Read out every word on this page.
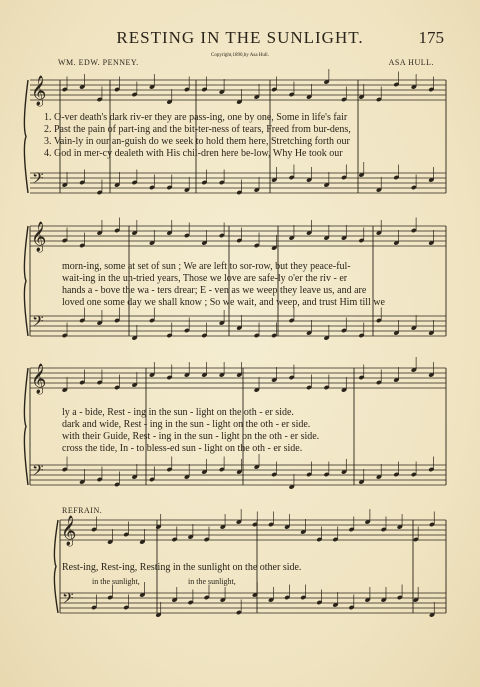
RESTING IN THE SUNLIGHT.	175
Copyright,1890,by Asa Hull.
WM. EDW. PENNEY.	ASA HULL.
𝄞
𝄢
𝄞
𝄢
𝄞
𝄢
𝄞
𝄢
1. O-ver death's dark riv-er they are pass-ing, one by one, Some in life's fair
2. Past the pain of part-ing and the bit-ter-ness of tears, Freed from bur-dens,
3. Vain-ly in our an-guish do we seek to hold them here, Stretching forth our
4. God in mer-cy dealeth with His chil-dren here be-low, Why He took our
morn-ing, some at set of sun ; We are left to sor-row, but they peace-ful-
wait-ing in the un-tried years, Those we love are safe-ly o'er the riv - er
hands a - bove the wa - ters drear; E - ven as we weep they leave us, and are
loved one some day we shall know ; So we wait, and weep, and trust Him till we
ly a - bide, Rest - ing in the sun - light on the oth - er side.
dark and wide, Rest - ing in the sun - light on the oth - er side.
with their Guide, Rest - ing in the sun - light on the oth - er side.
cross the tide, In - to bless-ed sun - light on the oth - er side.
REFRAIN.
Rest-ing, Rest-ing, Resting in the sunlight on the other side.
in the sunlight,	in the sunlight,
